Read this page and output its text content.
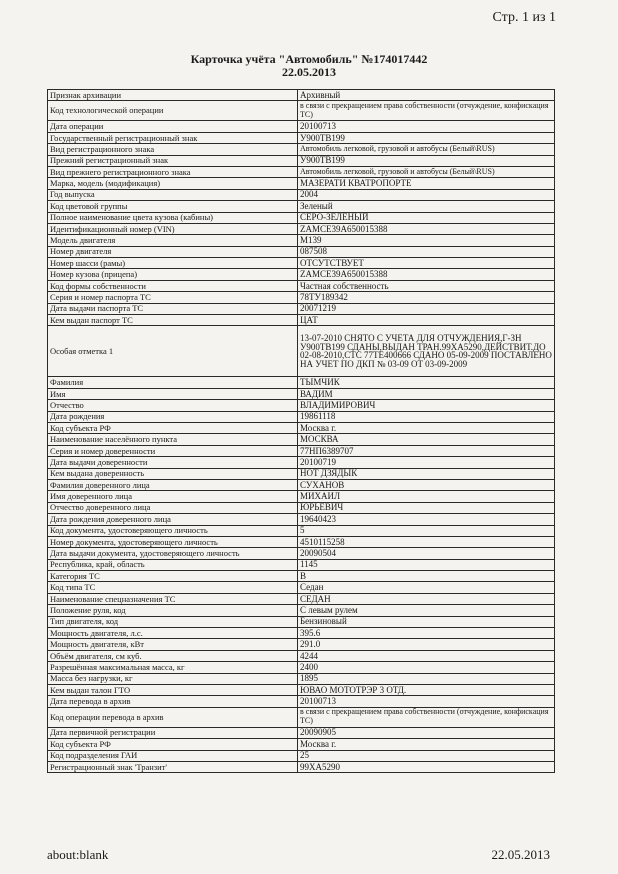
Стр. 1 из 1
Карточка учёта "Автомобиль" №174017442
22.05.2013
Признак архивации	Архивный
Код технологической операции	в связи с прекращением права собственности (отчуждение, конфискация ТС)
Дата операции	20100713
Государственный регистрационный знак	У900ТВ199
Вид регистрационного знака	Автомобиль легковой, грузовой и автобусы (Белый\RUS)
Прежний регистрационный знак	У900ТВ199
Вид прежнего регистрационного знака	Автомобиль легковой, грузовой и автобусы (Белый\RUS)
Марка, модель (модификация)	МАЗЕРАТИ КВАТРОПОРТЕ
Год выпуска	2004
Код цветовой группы	Зеленый
Полное наименование цвета кузова (кабины)	СЕРО-ЗЕЛЕНЫЙ
Идентификационный номер (VIN)	ZAMCE39A650015388
Модель двигателя	M139
Номер двигателя	087508
Номер шасси (рамы)	ОТСУТСТВУЕТ
Номер кузова (прицепа)	ZAMCE39A650015388
Код формы собственности	Частная собственность
Серия и номер паспорта ТС	78ТУ189342
Дата выдачи паспорта ТС	20071219
Кем выдан паспорт ТС	ЦАТ
Особая отметка 1	13-07-2010 СНЯТО С УЧЕТА ДЛЯ ОТЧУЖДЕНИЯ,Г-ЗН У900ТВ199 СДАНЫ,ВЫДАН ТРАН.99ХА5290,ДЕЙСТВИТ.ДО 02-08-2010,СТС 77ТЕ400666 СДАНО 05-09-2009 ПОСТАВЛЕНО НА УЧЕТ ПО ДКП № 03-09 ОТ 03-09-2009
Фамилия	ТЫМЧИК
Имя	ВАДИМ
Отчество	ВЛАДИМИРОВИЧ
Дата рождения	19861118
Код субъекта РФ	Москва г.
Наименование населённого пункта	МОСКВА
Серия и номер доверенности	77НП6389707
Дата выдачи доверенности	20100719
Кем выдана доверенность	НОТ ДЗЯДЫК
Фамилия доверенного лица	СУХАНОВ
Имя доверенного лица	МИХАИЛ
Отчество доверенного лица	ЮРЬЕВИЧ
Дата рождения доверенного лица	19640423
Код документа, удостоверяющего личность	5
Номер документа, удостоверяющего личность	4510115258
Дата выдачи документа, удостоверяющего личность	20090504
Республика, край, область	1145
Категория ТС	В
Код типа ТС	Седан
Наименование спецназначения ТС	СЕДАН
Положение руля, код	С левым рулем
Тип двигателя, код	Бензиновый
Мощность двигателя, л.с.	395.6
Мощность двигателя, кВт	291.0
Объём двигателя, см куб.	4244
Разрешённая максимальная масса, кг	2400
Масса без нагрузки, кг	1895
Кем выдан талон ГТО	ЮВАО МОТОТРЭР 3 ОТД.
Дата перевода в архив	20100713
Код операции перевода в архив	в связи с прекращением права собственности (отчуждение, конфискация ТС)
Дата первичной регистрации	20090905
Код субъекта РФ	Москва г.
Код подразделения ГАИ	25
Регистрационный знак 'Транзит'	99ХА5290
about:blank	22.05.2013
